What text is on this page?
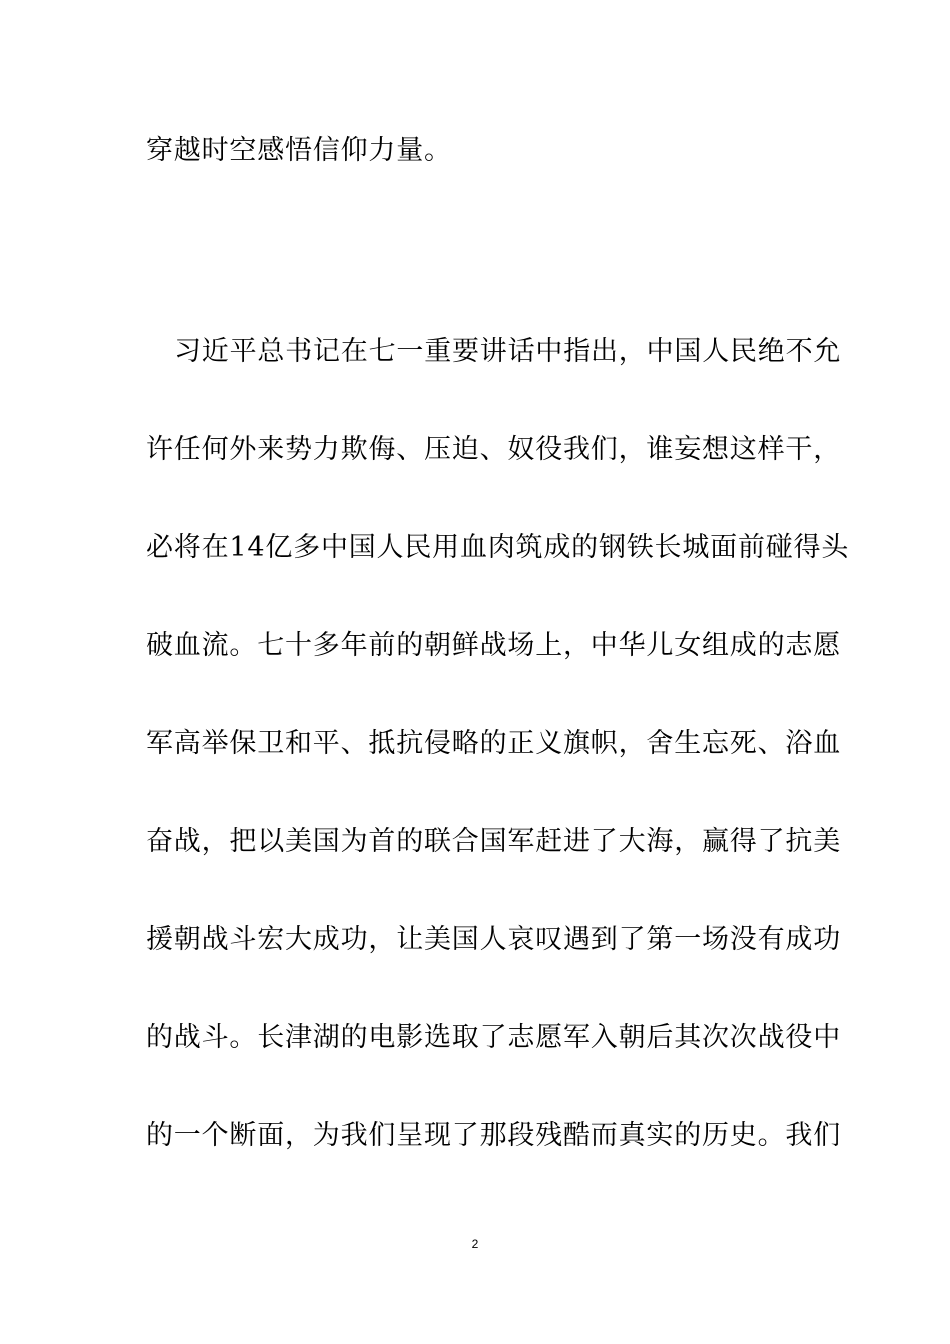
穿越时空感悟信仰力量。
习近平总书记在七一重要讲话中指出，中国人民绝不允
许任何外来势力欺侮、压迫、奴役我们，谁妄想这样干，
必将在14亿多中国人民用血肉筑成的钢铁长城面前碰得头
破血流。七十多年前的朝鲜战场上，中华儿女组成的志愿
军高举保卫和平、抵抗侵略的正义旗帜，舍生忘死、浴血
奋战，把以美国为首的联合国军赶进了大海，赢得了抗美
援朝战斗宏大成功，让美国人哀叹遇到了第一场没有成功
的战斗。长津湖的电影选取了志愿军入朝后其次次战役中
的一个断面，为我们呈现了那段残酷而真实的历史。我们
2
